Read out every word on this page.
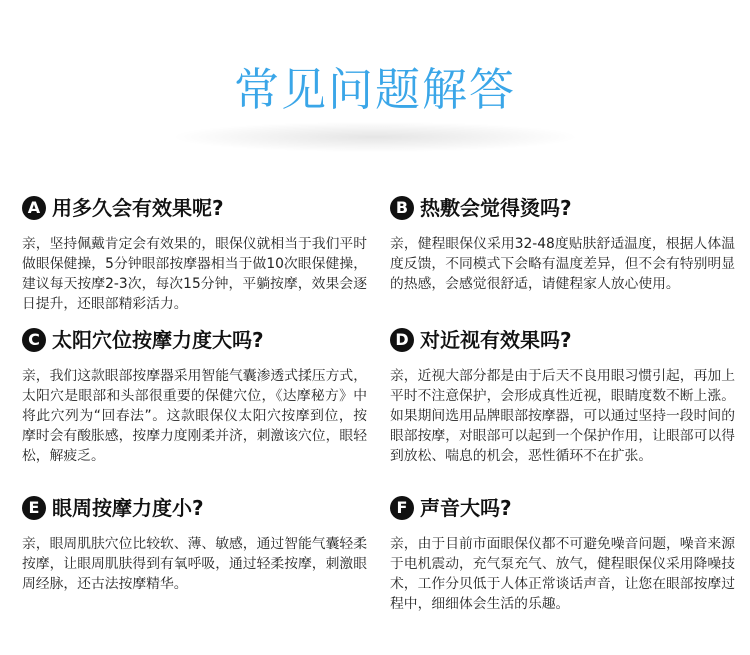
常见问题解答
A 用多久会有效果呢?
亲，坚持佩戴肯定会有效果的，眼保仪就相当于我们平时做眼保健操，5分钟眼部按摩器相当于做10次眼保健操，建议每天按摩2-3次，每次15分钟，平躺按摩，效果会逐日提升，还眼部精彩活力。
B 热敷会觉得烫吗?
亲，健程眼保仪采用32-48度贴肤舒适温度，根据人体温度反馈，不同模式下会略有温度差异，但不会有特别明显的热感，会感觉很舒适，请健程家人放心使用。
C 太阳穴位按摩力度大吗?
亲，我们这款眼部按摩器采用智能气囊渗透式揉压方式，太阳穴是眼部和头部很重要的保健穴位，《达摩秘方》中将此穴列为“回春法”。这款眼保仪太阳穴按摩到位，按摩时会有酸胀感，按摩力度刚柔并济，刺激该穴位，眼轻松，解疲乏。
D 对近视有效果吗?
亲，近视大部分都是由于后天不良用眼习惯引起，再加上平时不注意保护，会形成真性近视，眼睛度数不断上涨。如果期间选用品牌眼部按摩器，可以通过坚持一段时间的眼部按摩，对眼部可以起到一个保护作用，让眼部可以得到放松、喘息的机会，恶性循环不在扩张。
E 眼周按摩力度小?
亲，眼周肌肤穴位比较软、薄、敏感，通过智能气囊轻柔按摩，让眼周肌肤得到有氧呼吸，通过轻柔按摩，刺激眼周经脉，还古法按摩精华。
F 声音大吗?
亲，由于目前市面眼保仪都不可避免噪音问题，噪音来源于电机震动，充气泵充气、放气，健程眼保仪采用降噪技术，工作分贝低于人体正常谈话声音，让您在眼部按摩过程中，细细体会生活的乐趣。
